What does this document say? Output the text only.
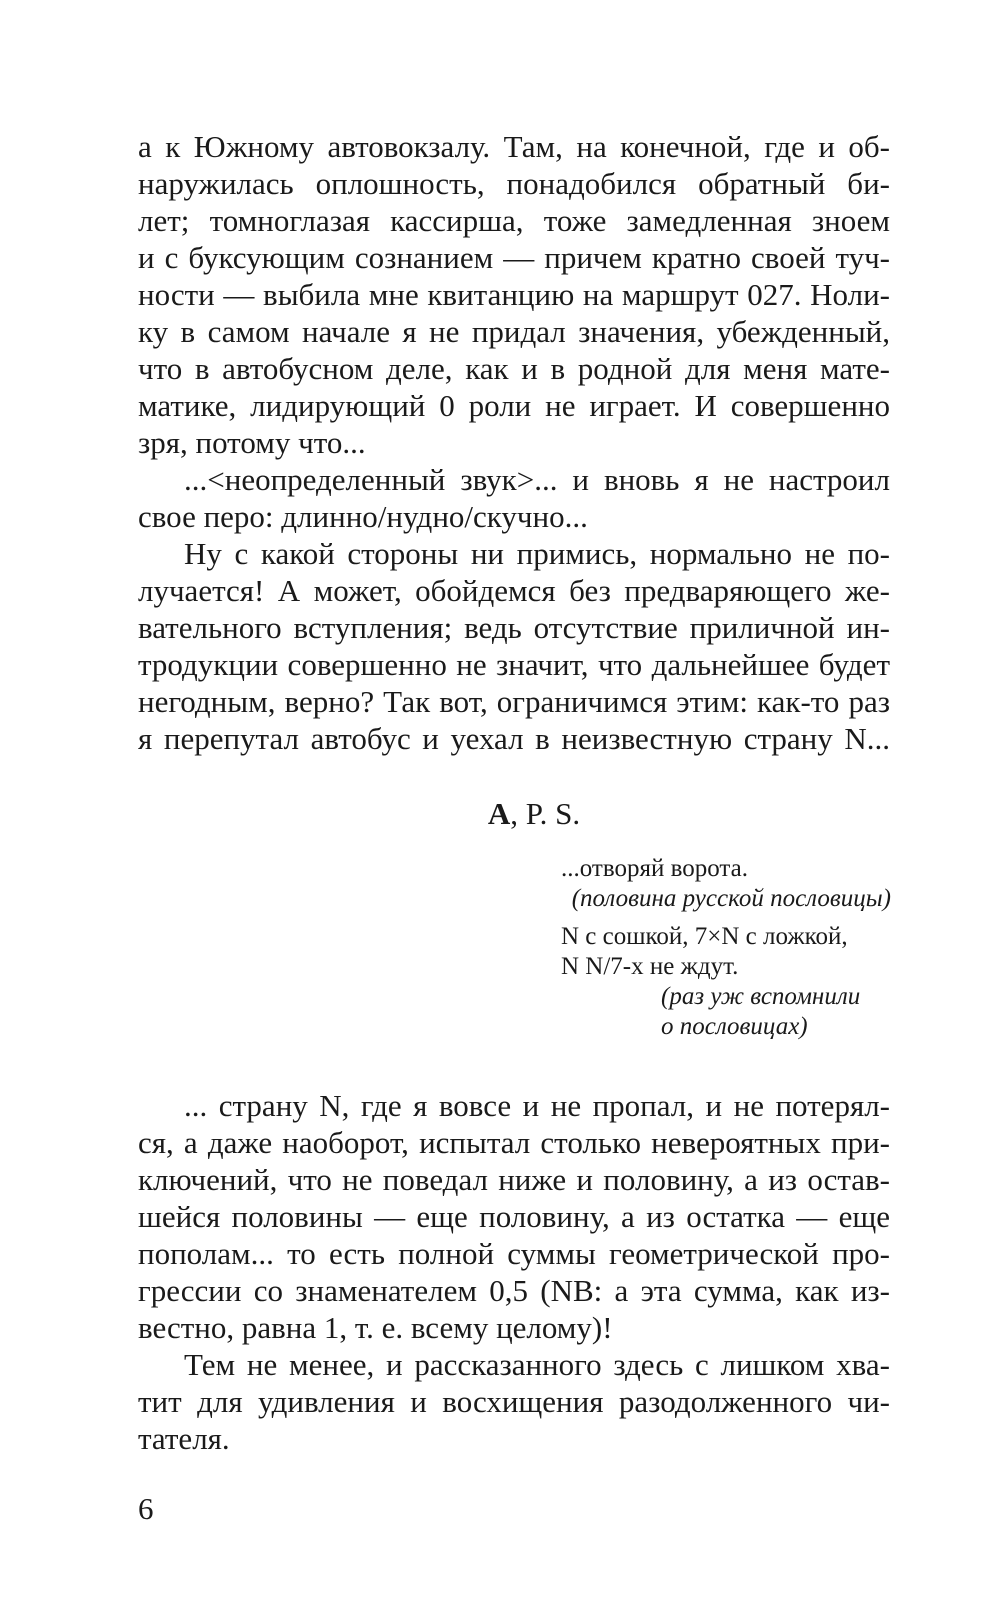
а к Южному автовокзалу. Там, на конечной, где и об-
наружилась оплошность, понадобился обратный би-
лет; томноглазая кассирша, тоже замедленная зноем
и с буксующим сознанием — причем кратно своей туч-
ности — выбила мне квитанцию на маршрут 027. Ноли-
ку в самом начале я не придал значения, убежденный,
что в автобусном деле, как и в родной для меня мате-
матике, лидирующий 0 роли не играет. И совершенно
зря, потому что...
...<неопределенный звук>... и вновь я не настроил
свое перо: длинно/нудно/скучно...
Ну с какой стороны ни примись, нормально не по-
лучается! А может, обойдемся без предваряющего же-
вательного вступления; ведь отсутствие приличной ин-
тродукции совершенно не значит, что дальнейшее будет
негодным, верно? Так вот, ограничимся этим: как-то раз
я перепутал автобус и уехал в неизвестную страну N...
A, P. S.
...отворяй ворота.
(половина русской пословицы)
N с сошкой, 7×N с ложкой,
N N/7-х не ждут.
(раз уж вспомнили
о пословицах)
... страну N, где я вовсе и не пропал, и не потерял-
ся, а даже наоборот, испытал столько невероятных при-
ключений, что не поведал ниже и половину, а из остав-
шейся половины — еще половину, а из остатка — еще
пополам... то есть полной суммы геометрической про-
грессии со знаменателем 0,5 (NB: а эта сумма, как из-
вестно, равна 1, т. е. всему целому)!
Тем не менее, и рассказанного здесь с лишком хва-
тит для удивления и восхищения разодолженного чи-
тателя.
6
